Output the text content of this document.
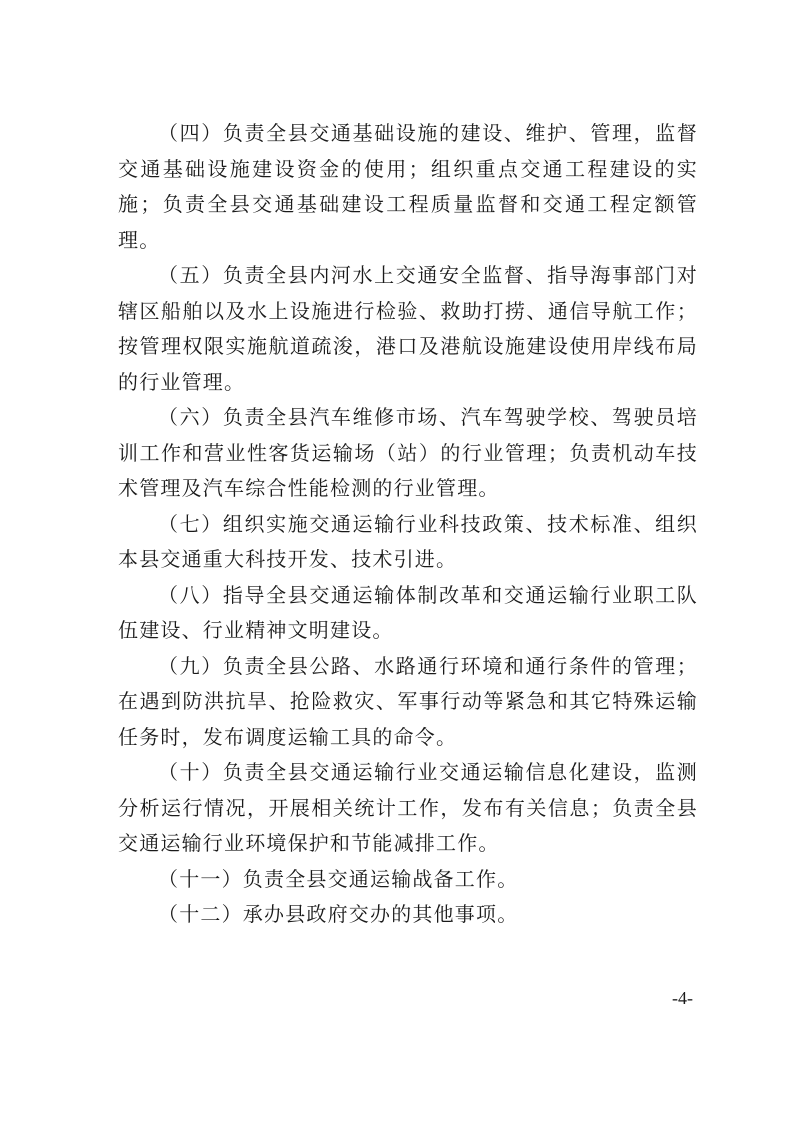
（四）负责全县交通基础设施的建设、维护、管理，监督交通基础设施建设资金的使用；组织重点交通工程建设的实施；负责全县交通基础建设工程质量监督和交通工程定额管理。

（五）负责全县内河水上交通安全监督、指导海事部门对辖区船舶以及水上设施进行检验、救助打捞、通信导航工作；按管理权限实施航道疏浚，港口及港航设施建设使用岸线布局的行业管理。

（六）负责全县汽车维修市场、汽车驾驶学校、驾驶员培训工作和营业性客货运输场（站）的行业管理；负责机动车技术管理及汽车综合性能检测的行业管理。

（七）组织实施交通运输行业科技政策、技术标准、组织本县交通重大科技开发、技术引进。

（八）指导全县交通运输体制改革和交通运输行业职工队伍建设、行业精神文明建设。

（九）负责全县公路、水路通行环境和通行条件的管理；在遇到防洪抗旱、抢险救灾、军事行动等紧急和其它特殊运输任务时，发布调度运输工具的命令。

（十）负责全县交通运输行业交通运输信息化建设，监测分析运行情况，开展相关统计工作，发布有关信息；负责全县交通运输行业环境保护和节能减排工作。

（十一）负责全县交通运输战备工作。

（十二）承办县政府交办的其他事项。

-4-
